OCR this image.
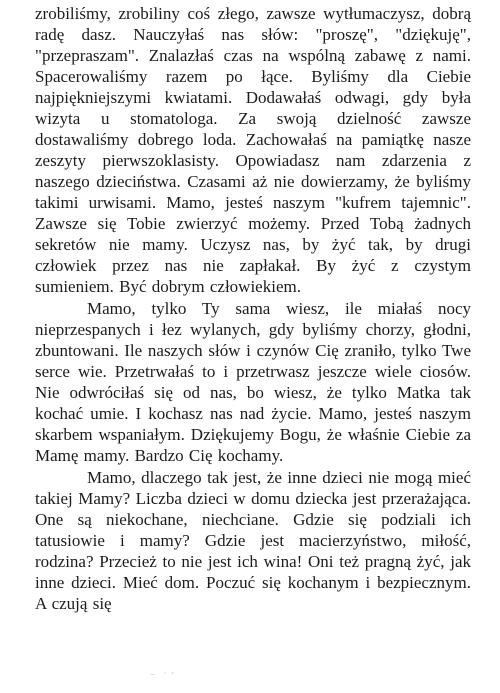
zrobiliśmy, zrobiliny coś złego, zawsze wytłumaczysz, dobrą radę dasz. Nauczyłaś nas słów: "proszę", "dziękuję", "przepraszam". Znalazłaś czas na wspólną zabawę z nami. Spacerowaliśmy razem po łące. Byliśmy dla Ciebie najpiękniejszymi kwiatami. Dodawałaś odwagi, gdy była wizyta u stomatologa. Za swoją dzielność zawsze dostawaliśmy dobrego loda. Zachowałaś na pamiątkę nasze zeszyty pierwszoklasisty. Opowiadasz nam zdarzenia z naszego dzieciństwa. Czasami aż nie dowierzamy, że byliśmy takimi urwisami. Mamo, jesteś naszym "kufrem tajemnic". Zawsze się Tobie zwierzyć możemy. Przed Tobą żadnych sekretów nie mamy. Uczysz nas, by żyć tak, by drugi człowiek przez nas nie zapłakał. By żyć z czystym sumieniem. Być dobrym człowiekiem.

Mamo, tylko Ty sama wiesz, ile miałaś nocy nieprzespanych i łez wylanych, gdy byliśmy chorzy, głodni, zbuntowani. Ile naszych słów i czynów Cię zraniło, tylko Twe serce wie. Przetrwałaś to i przetrwasz jeszcze wiele ciosów. Nie odwróciłaś się od nas, bo wiesz, że tylko Matka tak kochać umie. I kochasz nas nad życie. Mamo, jesteś naszym skarbem wspaniałym. Dziękujemy Bogu, że właśnie Ciebie za Mamę mamy. Bardzo Cię kochamy.

Mamo, dlaczego tak jest, że inne dzieci nie mogą mieć takiej Mamy? Liczba dzieci w domu dziecka jest przerażająca. One są niekochane, niechciane. Gdzie się podziali ich tatusiowie i mamy? Gdzie jest macierzyństwo, miłość, rodzina? Przecież to nie jest ich wina! Oni też pragną żyć, jak inne dzieci. Mieć dom. Poczuć się kochanym i bezpiecznym. A czują się

⁻ ˙ˊ
